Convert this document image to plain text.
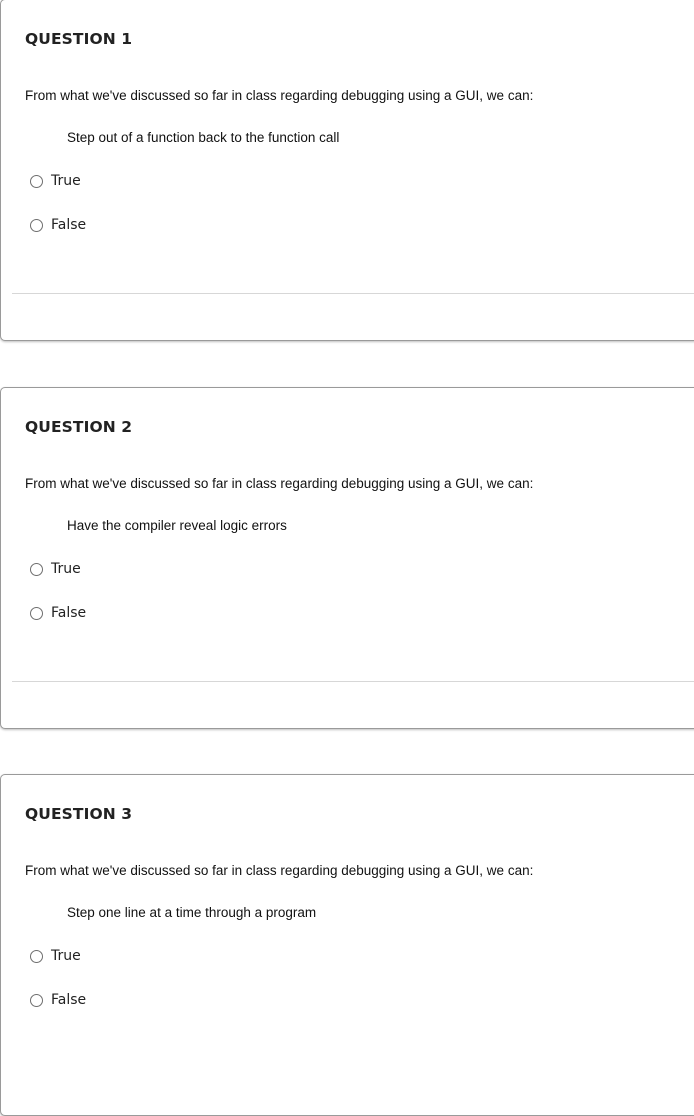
QUESTION 1
From what we've discussed so far in class regarding debugging using a GUI, we can:
Step out of a function back to the function call
True
False
QUESTION 2
From what we've discussed so far in class regarding debugging using a GUI, we can:
Have the compiler reveal logic errors
True
False
QUESTION 3
From what we've discussed so far in class regarding debugging using a GUI, we can:
Step one line at a time through a program
True
False
